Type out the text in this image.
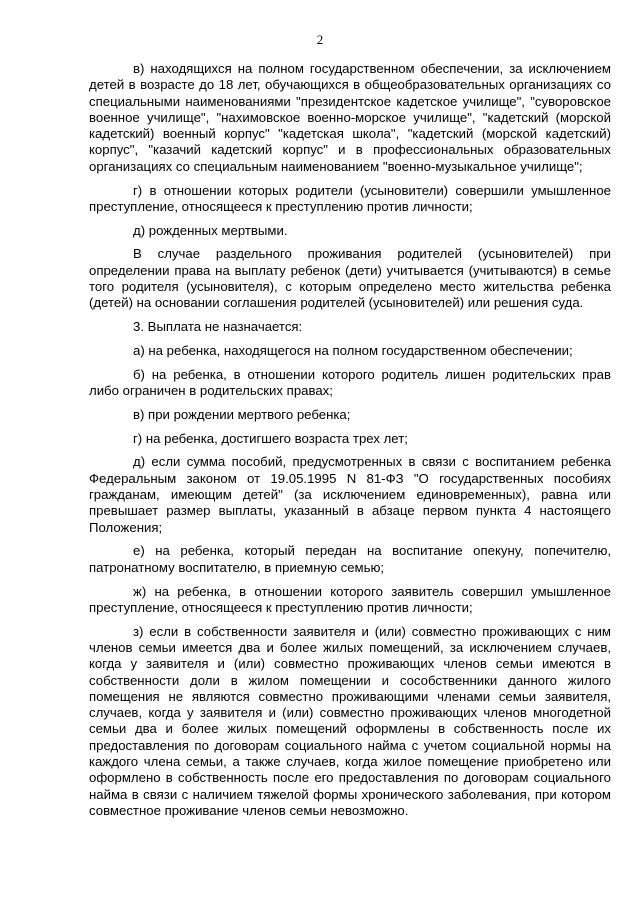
2

в) находящихся на полном государственном обеспечении, за исключением детей в возрасте до 18 лет, обучающихся в общеобразовательных организациях со специальными наименованиями "президентское кадетское училище", "суворовское военное училище", "нахимовское военно-морское училище", "кадетский (морской кадетский) военный корпус" "кадетская школа", "кадетский (морской кадетский) корпус", "казачий кадетский корпус" и в профессиональных образовательных организациях со специальным наименованием "военно-музыкальное училище";

г) в отношении которых родители (усыновители) совершили умышленное преступление, относящееся к преступлению против личности;

д) рожденных мертвыми.

В случае раздельного проживания родителей (усыновителей) при определении права на выплату ребенок (дети) учитывается (учитываются) в семье того родителя (усыновителя), с которым определено место жительства ребенка (детей) на основании соглашения родителей (усыновителей) или решения суда.

3. Выплата не назначается:

а) на ребенка, находящегося на полном государственном обеспечении;

б) на ребенка, в отношении которого родитель лишен родительских прав либо ограничен в родительских правах;

в) при рождении мертвого ребенка;

г) на ребенка, достигшего возраста трех лет;

д) если сумма пособий, предусмотренных в связи с воспитанием ребенка Федеральным законом от 19.05.1995 N 81-ФЗ "О государственных пособиях гражданам, имеющим детей" (за исключением единовременных), равна или превышает размер выплаты, указанный в абзаце первом пункта 4 настоящего Положения;

е) на ребенка, который передан на воспитание опекуну, попечителю, патронатному воспитателю, в приемную семью;

ж) на ребенка, в отношении которого заявитель совершил умышленное преступление, относящееся к преступлению против личности;

з) если в собственности заявителя и (или) совместно проживающих с ним членов семьи имеется два и более жилых помещений, за исключением случаев, когда у заявителя и (или) совместно проживающих членов семьи имеются в собственности доли в жилом помещении и сособственники данного жилого помещения не являются совместно проживающими членами семьи заявителя, случаев, когда у заявителя и (или) совместно проживающих членов многодетной семьи два и более жилых помещений оформлены в собственность после их предоставления по договорам социального найма с учетом социальной нормы на каждого члена семьи, а также случаев, когда жилое помещение приобретено или оформлено в собственность после его предоставления по договорам социального найма в связи с наличием тяжелой формы хронического заболевания, при котором совместное проживание членов семьи невозможно.
